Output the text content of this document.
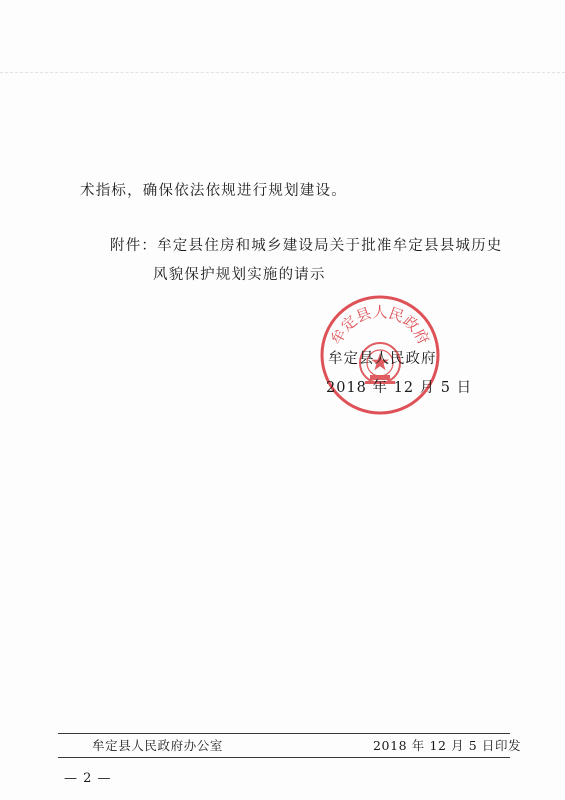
术指标，确保依法依规进行规划建设。
附件：牟定县住房和城乡建设局关于批准牟定县县城历史
风貌保护规划实施的请示
牟定县人民政府
牟定县人民政府
2018 年 12 月 5 日
牟定县人民政府办公室	2018 年 12 月 5 日印发
— 2 —
